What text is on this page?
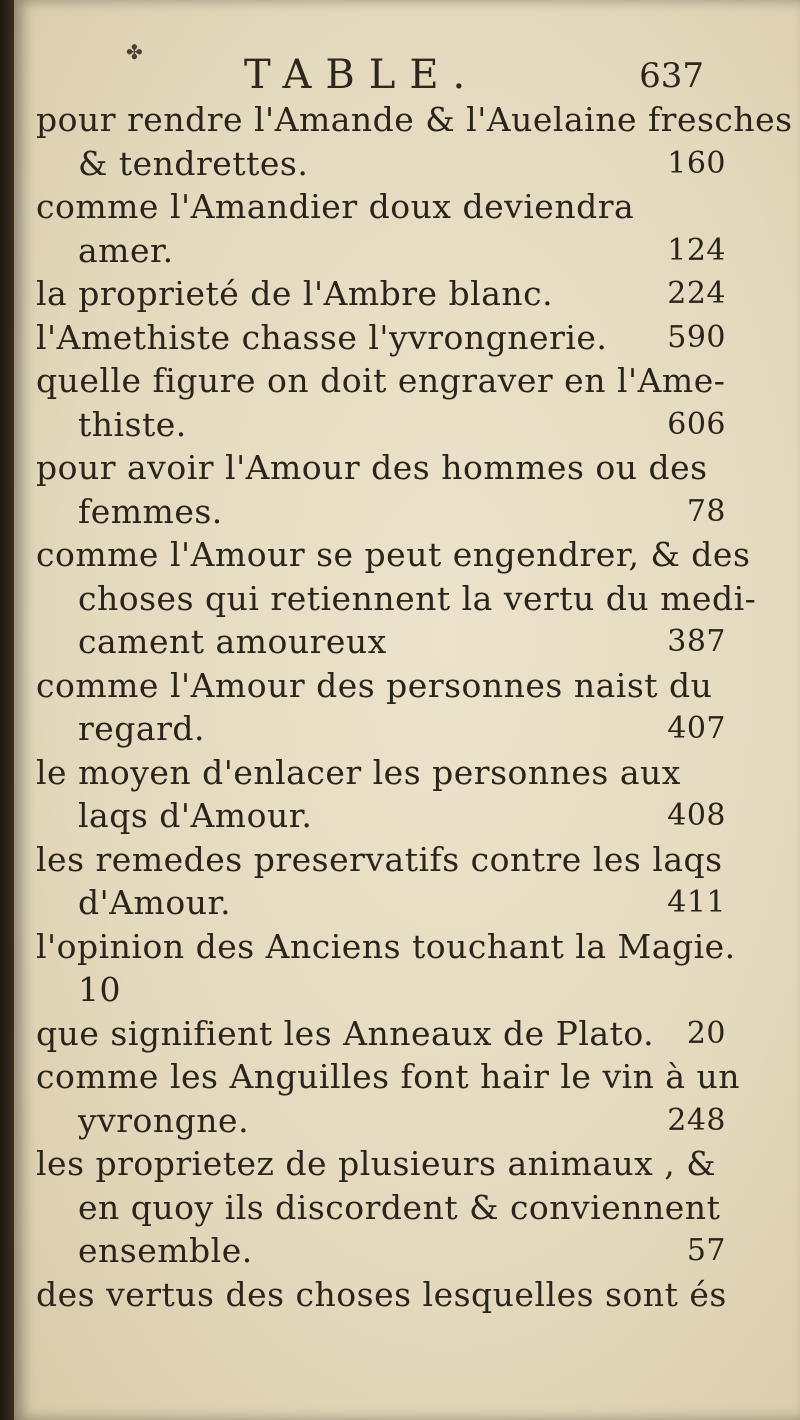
✤	TABLE.	637
pour rendre l'Amande & l'Auelaine fresches
& tendrettes.	160
comme l'Amandier doux deviendra
amer.	124
la proprieté de l'Ambre blanc.	224
l'Amethiste chasse l'yvrongnerie. 590
quelle figure on doit engraver en l'Ame-
thiste.	606
pour avoir l'Amour des hommes ou des
femmes.	78
comme l'Amour se peut engendrer, & des
choses qui retiennent la vertu du medi-
cament amoureux	387
comme l'Amour des personnes naist du
regard.	407
le moyen d'enlacer les personnes aux
laqs d'Amour.	408
les remedes preservatifs contre les laqs
d'Amour.	411
l'opinion des Anciens touchant la Magie.
10
que signifient les Anneaux de Plato. 20
comme les Anguilles font hair le vin à un
yvrongne.	248
les proprietez de plusieurs animaux , &
en quoy ils discordent & conviennent
ensemble.	57
des vertus des choses lesquelles sont és
